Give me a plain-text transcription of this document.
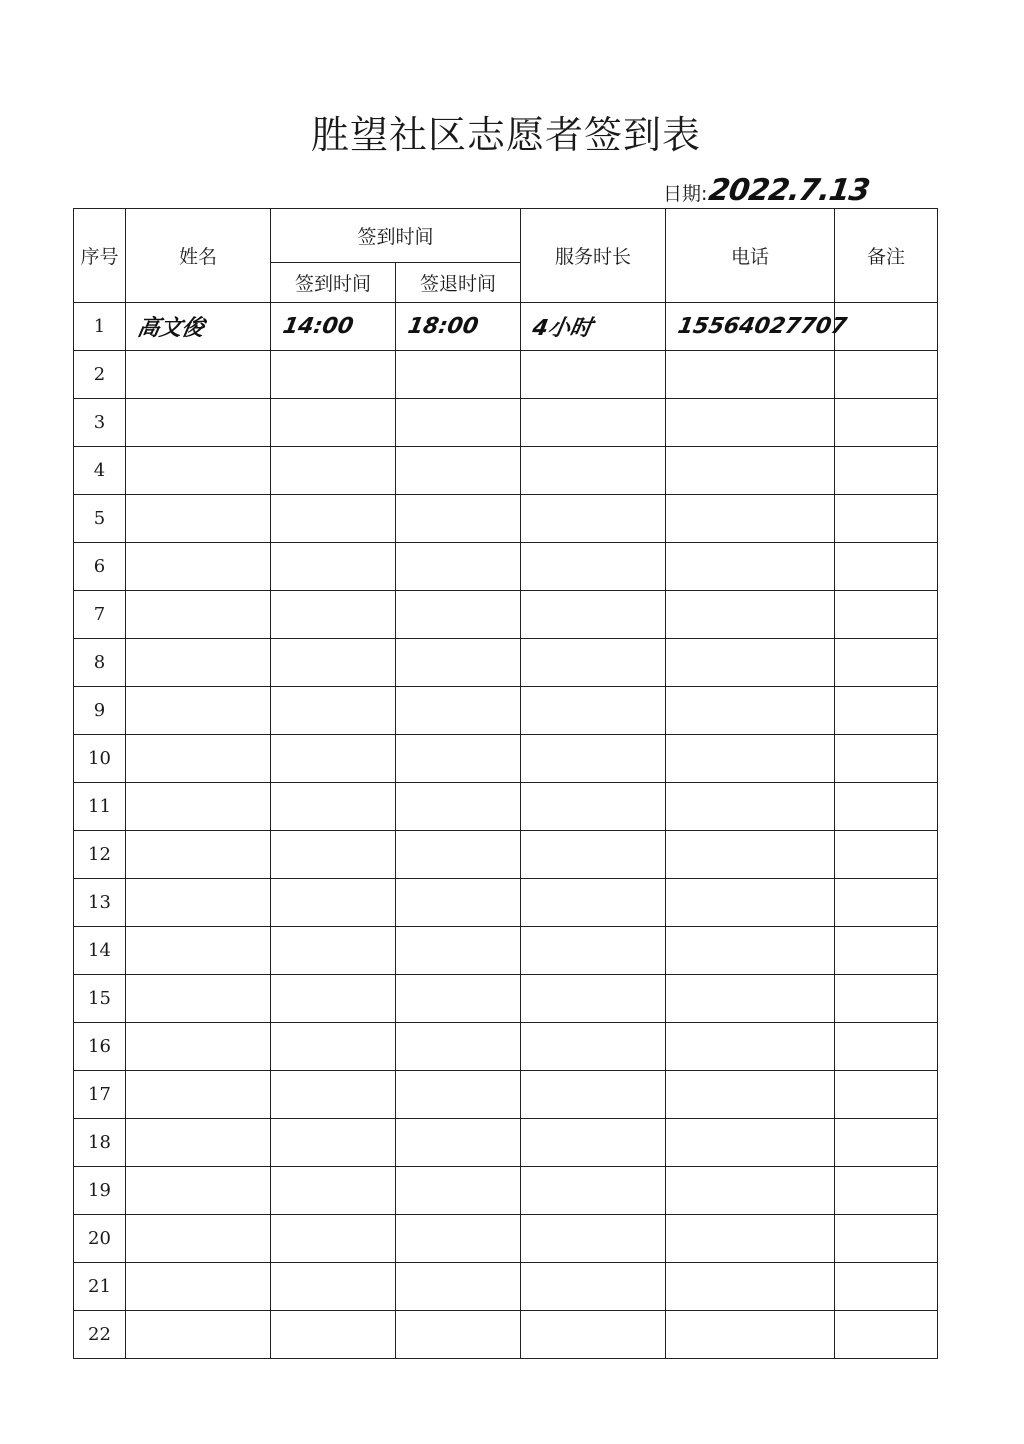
胜望社区志愿者签到表
日期: 2022.7.13
序号	姓名	签到时间		服务时长	电话	备注
		签到时间	签退时间			
1	高文俊	14:00	18:00	4小时	15564027707	
2						
3						
4						
5						
6						
7						
8						
9						
10						
11						
12						
13						
14						
15						
16						
17						
18						
19						
20						
21						
22						
